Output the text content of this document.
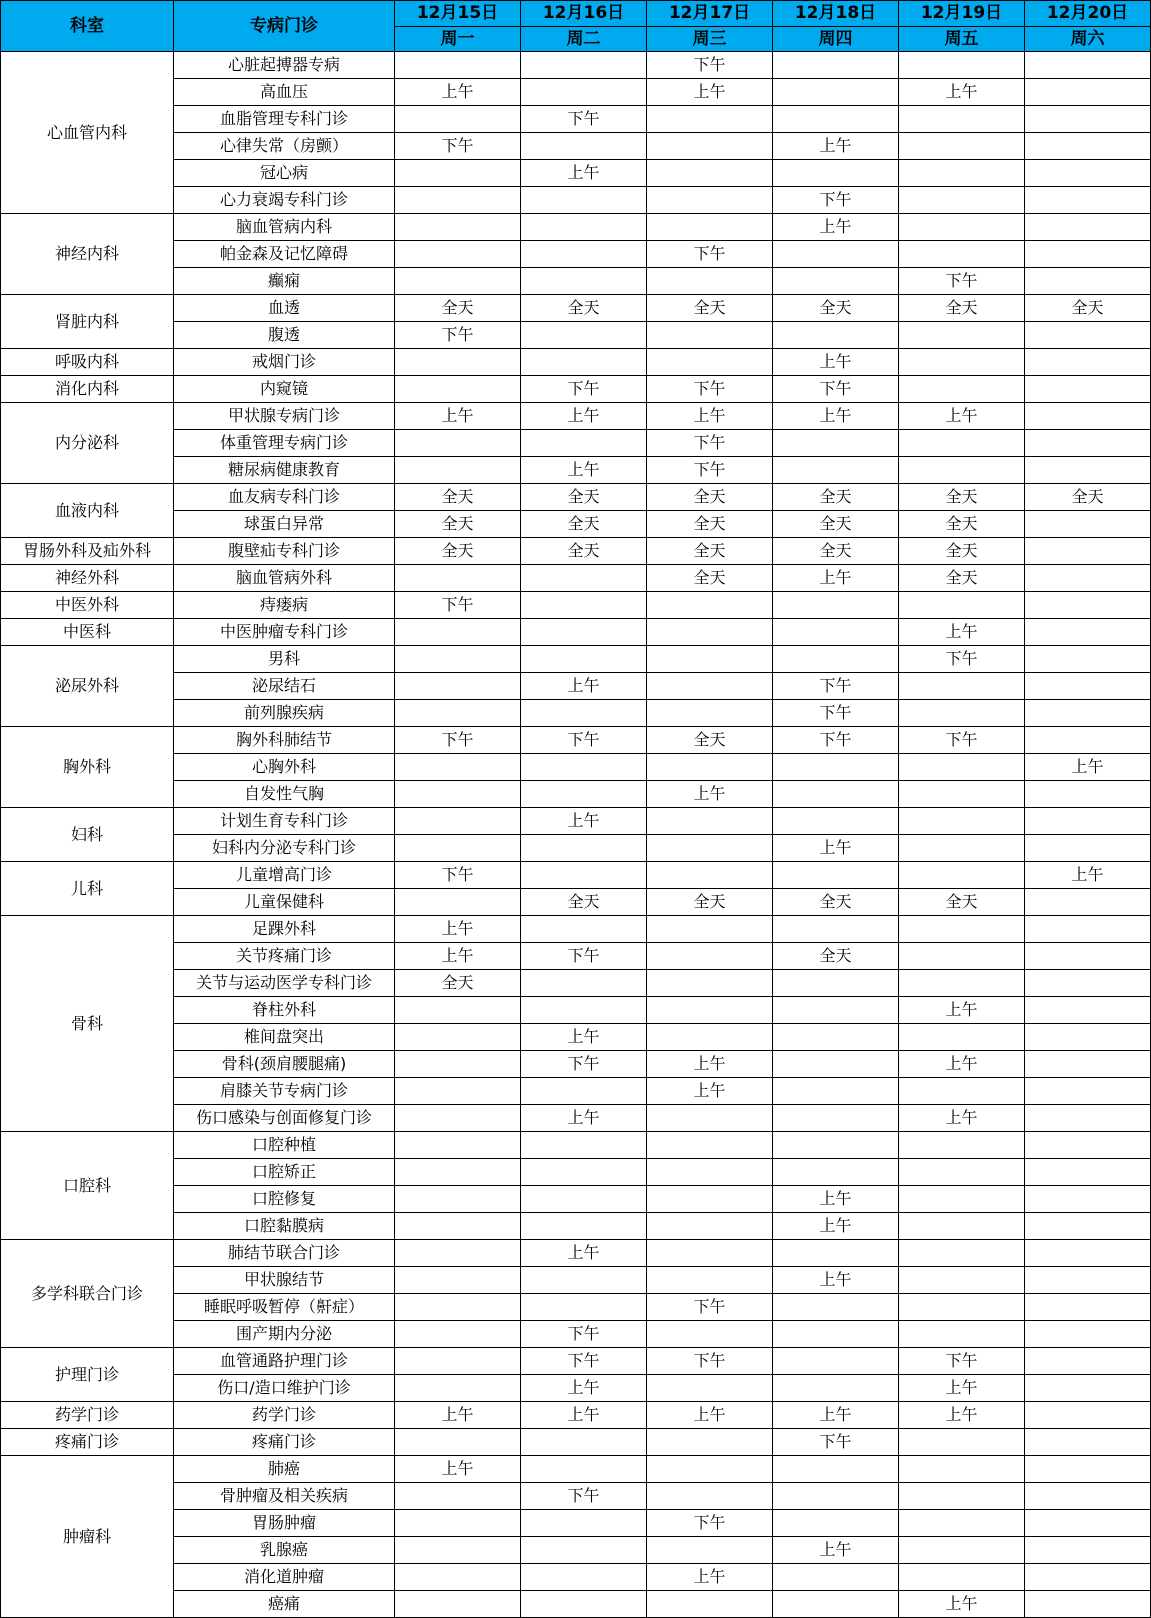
科室	专病门诊	12月15日	12月16日	12月17日	12月18日	12月19日	12月20日
		周一	周二	周三	周四	周五	周六
心血管内科	心脏起搏器专病			下午			
	高血压	上午		上午		上午	
	血脂管理专科门诊		下午				
	心律失常（房颤）	下午			上午		
	冠心病		上午				
	心力衰竭专科门诊				下午		
神经内科	脑血管病内科				上午		
	帕金森及记忆障碍			下午			
	癫痫					下午	
肾脏内科	血透	全天	全天	全天	全天	全天	全天
	腹透	下午					
呼吸内科	戒烟门诊				上午		
消化内科	内窥镜		下午	下午	下午		
内分泌科	甲状腺专病门诊	上午	上午	上午	上午	上午	
	体重管理专病门诊			下午			
	糖尿病健康教育		上午	下午			
血液内科	血友病专科门诊	全天	全天	全天	全天	全天	全天
	球蛋白异常	全天	全天	全天	全天	全天	
胃肠外科及疝外科	腹壁疝专科门诊	全天	全天	全天	全天	全天	
神经外科	脑血管病外科			全天	上午	全天	
中医外科	痔瘘病	下午					
中医科	中医肿瘤专科门诊					上午	
泌尿外科	男科					下午	
	泌尿结石		上午		下午		
	前列腺疾病				下午		
胸外科	胸外科肺结节	下午	下午	全天	下午	下午	
	心胸外科						上午
	自发性气胸			上午			
妇科	计划生育专科门诊		上午				
	妇科内分泌专科门诊				上午		
儿科	儿童增高门诊	下午					上午
	儿童保健科		全天	全天	全天	全天	
骨科	足踝外科	上午					
	关节疼痛门诊	上午	下午		全天		
	关节与运动医学专科门诊	全天					
	脊柱外科					上午	
	椎间盘突出		上午				
	骨科(颈肩腰腿痛)		下午	上午		上午	
	肩膝关节专病门诊			上午			
	伤口感染与创面修复门诊		上午			上午	
口腔科	口腔种植						
	口腔矫正						
	口腔修复				上午		
	口腔黏膜病				上午		
多学科联合门诊	肺结节联合门诊		上午				
	甲状腺结节				上午		
	睡眠呼吸暂停（鼾症）			下午			
	围产期内分泌		下午				
护理门诊	血管通路护理门诊		下午	下午		下午	
	伤口/造口维护门诊		上午			上午	
药学门诊	药学门诊	上午	上午	上午	上午	上午	
疼痛门诊	疼痛门诊				下午		
肿瘤科	肺癌	上午					
	骨肿瘤及相关疾病		下午				
	胃肠肿瘤			下午			
	乳腺癌				上午		
	消化道肿瘤			上午			
	癌痛					上午	
